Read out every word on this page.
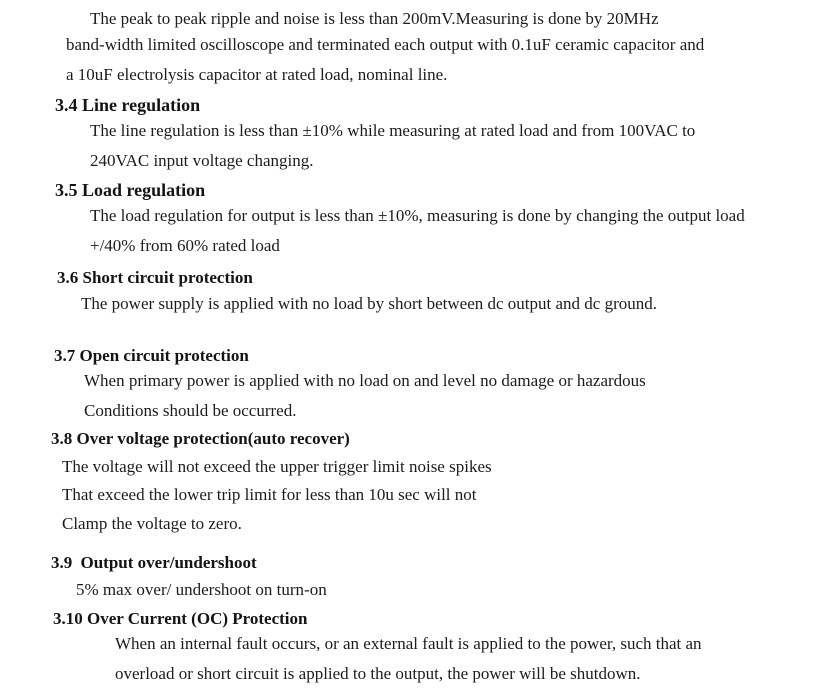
The peak to peak ripple and noise is less than 200mV.Measuring is done by 20MHz
band-width limited oscilloscope and terminated each output with 0.1uF ceramic capacitor and
a 10uF electrolysis capacitor at rated load, nominal line.
3.4 Line regulation
The line regulation is less than ±10% while measuring at rated load and from 100VAC to
240VAC input voltage changing.
3.5 Load regulation
The load regulation for output is less than ±10%, measuring is done by changing the output load
+/40% from 60% rated load
3.6 Short circuit protection
The power supply is applied with no load by short between dc output and dc ground.
3.7 Open circuit protection
When primary power is applied with no load on and level no damage or hazardous
Conditions should be occurred.
3.8 Over voltage protection(auto recover)
The voltage will not exceed the upper trigger limit noise spikes
That exceed the lower trip limit for less than 10u sec will not
Clamp the voltage to zero.
3.9 Output over/undershoot
5% max over/ undershoot on turn-on
3.10 Over Current (OC) Protection
When an internal fault occurs, or an external fault is applied to the power, such that an
overload or short circuit is applied to the output, the power will be shutdown.
